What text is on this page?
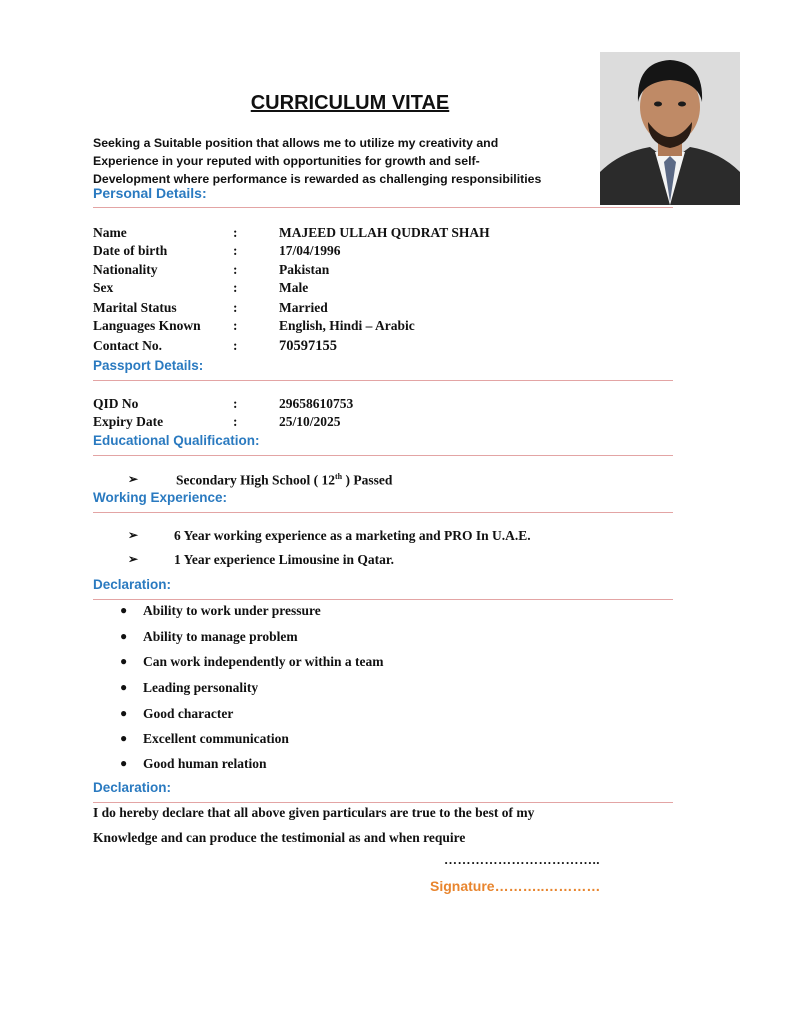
CURRICULUM VITAE
Seeking a Suitable position that allows me to utilize my creativity and
Experience in your reputed with opportunities for growth and self-
Development where performance is rewarded as challenging responsibilities
Personal Details:
Name	:	MAJEED ULLAH QUDRAT SHAH
Date of birth	:	17/04/1996
Nationality	:	Pakistan
Sex	:	Male
Marital Status	:	Married
Languages Known :	English, Hindi – Arabic
Contact No.	:	70597155
Passport Details:
QID No	:	29658610753
Expiry Date	:	25/10/2025
Educational Qualification:
➢	Secondary High School ( 12th ) Passed
Working Experience:
➢	6 Year working experience as a marketing and PRO In U.A.E.
➢	1 Year experience Limousine in Qatar.
Declaration:
● Ability to work under pressure
● Ability to manage problem
● Can work independently or within a team
● Leading personality
● Good character
● Excellent communication
● Good human relation
Declaration:
I do hereby declare that all above given particulars are true to the best of my
Knowledge and can produce the testimonial as and when require
……………………………..
Signature………..…………
